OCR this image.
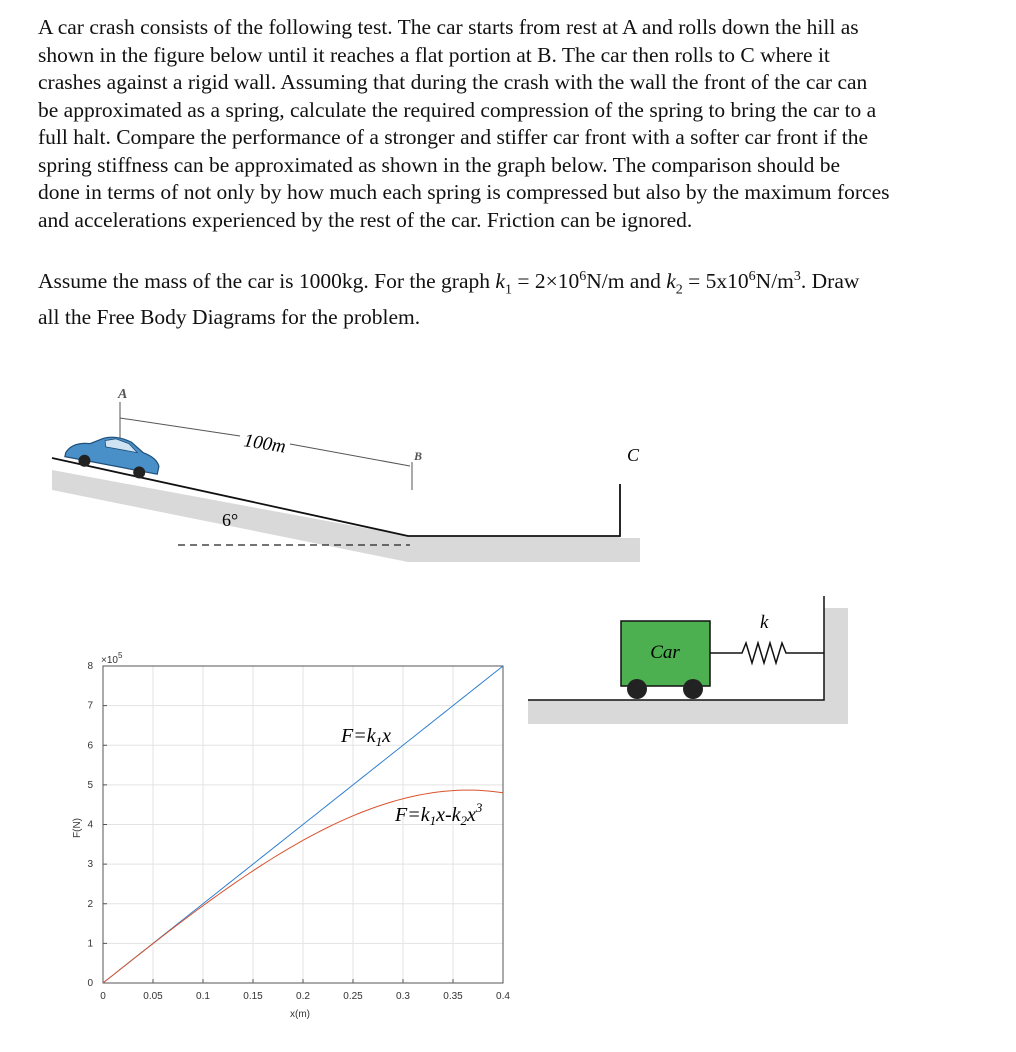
A car crash consists of the following test. The car starts from rest at A and rolls down the hill as
shown in the figure below until it reaches a flat portion at B. The car then rolls to C where it
crashes against a rigid wall. Assuming that during the crash with the wall the front of the car can
be approximated as a spring, calculate the required compression of the spring to bring the car to a
full halt. Compare the performance of a stronger and stiffer car front with a softer car front if the
spring stiffness can be approximated as shown in the graph below. The comparison should be
done in terms of not only by how much each spring is compressed but also by the maximum forces
and accelerations experienced by the rest of the car. Friction can be ignored.
Assume the mass of the car is 1000kg. For the graph $k_1 = 2\times 10^6N/m$ and $k_2 = 5x10^6N/m^3$. Draw
all the Free Body Diagrams for the problem.
100m
A
B	C
6°
Car
k
0	0.05	0.1	0.15	0.2	0.25	0.3	0.35	0.4
0
1
2
3
4
5
6
7
8
$\times 10^5$
x(m)
F(N)
$F=k_1x$
$F=k_1x-k_2x^3$
